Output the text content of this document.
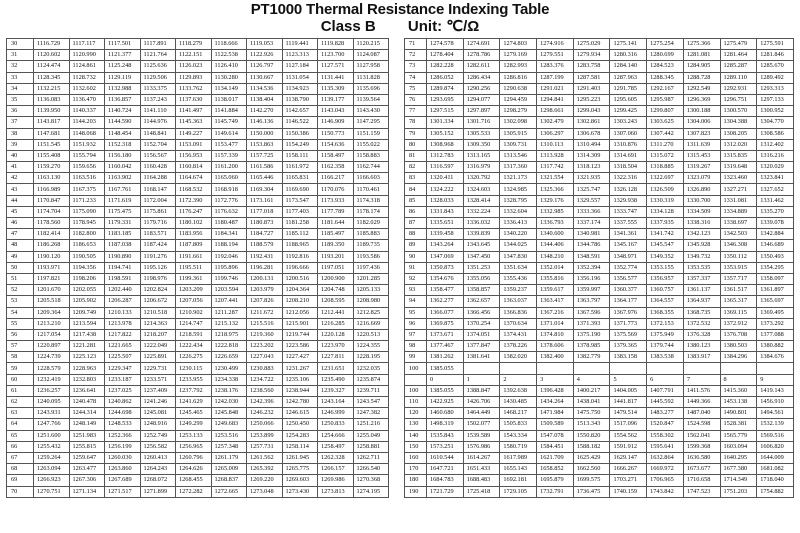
PT1000 Thermal Resistance Indexing Table
Class B Unit: ℃/Ω
30	1116.729	1117.117	1117.501	1117.891	1118.279	1118.666	1119.053	1119.441	1119.828	1120.215
31	1120.602	1120.990	1121.377	1121.764	1122.151	1122.538	1122.926	1123.313	1123.700	1124.087
32	1124.474	1124.861	1125.248	1125.636	1126.023	1126.410	1126.797	1127.184	1127.571	1127.958
33	1128.345	1128.732	1129.119	1129.506	1129.893	1130.280	1130.667	1131.054	1131.441	1131.828
34	1132.215	1132.602	1132.988	1133.375	1133.762	1134.149	1134.536	1134.923	1135.309	1135.696
35	1136.083	1136.470	1136.857	1137.243	1137.630	1138.017	1138.404	1138.790	1139.177	1139.564
36	1139.950	1140.337	1140.724	1141.110	1141.497	1141.884	1142.270	1142.657	1143.043	1143.430
37	1143.817	1144.203	1144.590	1144.976	1145.363	1145.749	1146.136	1146.522	1146.909	1147.295
38	1147.681	1148.068	1148.454	1148.841	1149.227	1149.614	1150.000	1150.386	1150.773	1151.159
39	1151.545	1151.932	1152.318	1152.704	1153.091	1153.477	1153.863	1154.249	1154.636	1155.022
40	1155.408	1155.794	1156.180	1156.567	1156.953	1157.339	1157.725	1158.111	1158.497	1158.883
41	1159.270	1159.656	1160.042	1160.428	1160.814	1161.200	1161.586	1161.972	1162.358	1162.744
42	1163.130	1163.516	1163.902	1164.288	1164.674	1165.060	1165.446	1165.831	1166.217	1166.603
43	1166.989	1167.375	1167.761	1168.147	1168.532	1168.918	1169.304	1169.690	1170.076	1170.461
44	1170.847	1171.233	1171.619	1172.004	1172.390	1172.776	1173.161	1173.547	1173.933	1174.318
45	1174.704	1175.090	1175.475	1175.861	1176.247	1176.632	1177.018	1177.403	1177.789	1178.174
46	1178.560	1178.945	1179.331	1179.716	1180.102	1180.487	1180.873	1181.258	1181.644	1182.029
47	1182.414	1182.800	1183.185	1183.571	1183.956	1184.341	1184.727	1185.112	1185.497	1185.883
48	1186.268	1186.653	1187.038	1187.424	1187.809	1188.194	1188.579	1188.965	1189.350	1189.735
49	1190.120	1190.505	1190.890	1191.276	1191.661	1192.046	1192.431	1192.816	1193.201	1193.586
50	1193.971	1194.356	1194.741	1195.126	1195.511	1195.896	1196.281	1196.666	1197.051	1197.436
51	1197.821	1198.206	1198.591	1198.976	1199.361	1199.746	1200.131	1200.516	1200.900	1201.285
52	1201.670	1202.055	1202.440	1202.824	1203.209	1203.594	1203.979	1204.364	1204.748	1205.133
53	1205.518	1205.902	1206.287	1206.672	1207.056	1207.441	1207.826	1208.210	1208.595	1208.980
54	1209.364	1209.749	1210.133	1210.518	1210.902	1211.287	1211.672	1212.056	1212.441	1212.825
55	1213.210	1213.594	1213.978	1214.363	1214.747	1215.132	1215.516	1215.901	1216.285	1216.669
56	1217.054	1217.438	1217.822	1218.207	1218.591	1218.975	1219.360	1219.744	1220.128	1220.513
57	1220.897	1221.281	1221.665	1222.049	1222.434	1222.818	1223.202	1223.586	1223.970	1224.355
58	1224.739	1225.123	1225.507	1225.891	1226.275	1226.659	1227.043	1227.427	1227.811	1228.195
59	1228.579	1228.963	1229.347	1229.731	1230.115	1230.499	1230.883	1231.267	1231.651	1232.035
60	1232.419	1232.803	1233.187	1233.571	1233.955	1234.338	1234.722	1235.106	1235.490	1235.874
61	1236.257	1236.641	1237.025	1237.409	1237.792	1238.176	1238.560	1238.944	1239.327	1239.711
62	1240.095	1240.478	1240.862	1241.246	1241.629	1242.030	1242.396	1242.780	1243.164	1243.547
63	1243.931	1244.314	1244.698	1245.081	1245.465	1245.848	1246.232	1246.615	1246.999	1247.382
64	1247.766	1248.149	1248.533	1248.916	1249.299	1249.683	1250.066	1250.450	1250.833	1251.216
65	1251.600	1251.983	1252.366	1252.749	1253.133	1253.516	1253.899	1254.283	1254.666	1255.049
66	1255.432	1255.815	1256.199	1256.582	1256.965	1257.348	1257.731	1258.114	1258.497	1258.881
67	1259.264	1259.647	1260.030	1260.413	1260.796	1261.179	1261.562	1261.945	1262.328	1262.711
68	1263.094	1263.477	1263.860	1264.243	1264.626	1265.009	1265.392	1265.775	1266.157	1266.540
69	1266.923	1267.306	1267.689	1268.072	1268.455	1268.837	1269.220	1269.603	1269.986	1270.368
70	1270.751	1271.134	1271.517	1271.899	1272.282	1272.665	1273.048	1273.430	1273.813	1274.195
71	1274.578	1274.691	1274.803	1274.916	1275.029	1275.141	1275.254	1275.366	1275.479	1275.591
72	1278.404	1278.786	1279.169	1279.551	1279.934	1280.316	1280.699	1281.081	1281.464	1281.846
73	1282.228	1282.611	1282.993	1283.376	1283.758	1284.140	1284.523	1284.905	1285.287	1285.670
74	1286.052	1286.434	1286.816	1287.199	1287.581	1287.963	1288.345	1288.728	1289.110	1289.492
75	1289.874	1290.256	1290.638	1291.021	1291.403	1291.785	1292.167	1292.549	1292.931	1293.313
76	1293.695	1294.077	1294.459	1294.841	1295.223	1295.605	1295.987	1296.369	1296.751	1297.133
77	1297.515	1297.897	1298.279	1298.661	1299.043	1299.425	1299.807	1300.188	1300.570	1300.952
78	1301.334	1301.716	1302.098	1302.479	1302.861	1303.243	1303.625	1304.006	1304.388	1304.770
79	1305.152	1305.533	1305.915	1306.297	1306.678	1307.060	1307.442	1307.823	1308.205	1308.586
80	1308.968	1309.350	1309.731	1310.113	1310.494	1310.876	1311.270	1311.639	1312.020	1312.402
81	1312.783	1313.165	1313.546	1313.928	1314.309	1314.691	1315.072	1315.453	1315.835	1316.216
82	1316.597	1316.979	1317.360	1317.742	1318.123	1318.504	1318.885	1319.267	1319.648	1320.029
83	1320.411	1320.792	1321.173	1321.554	1321.935	1322.316	1322.697	1323.079	1323.460	1323.841
84	1324.222	1324.603	1324.985	1325.366	1325.747	1326.128	1326.509	1326.890	1327.271	1327.652
85	1328.033	1328.414	1328.795	1329.176	1329.557	1329.938	1330.319	1330.700	1331.081	1331.462
86	1331.843	1332.224	1332.604	1332.985	1333.366	1333.747	1334.128	1334.509	1334.889	1335.270
87	1335.651	1336.032	1336.413	1336.793	1337.174	1337.555	1337.935	1338.316	1338.697	1339.078
88	1339.458	1339.839	1340.220	1340.600	1340.981	1341.361	1341.742	1342.123	1342.503	1342.884
89	1343.264	1343.645	1344.025	1344.406	1344.786	1345.167	1345.547	1345.928	1346.308	1346.689
90	1347.069	1347.450	1347.830	1348.210	1348.591	1348.971	1349.352	1349.732	1350.112	1350.493
91	1350.873	1351.253	1351.634	1352.014	1352.394	1352.774	1353.155	1353.535	1353.915	1354.295
92	1354.676	1355.056	1355.436	1355.816	1356.196	1356.577	1356.957	1357.337	1357.717	1358.097
93	1358.477	1358.857	1359.237	1359.617	1359.997	1360.377	1360.757	1361.137	1361.517	1361.897
94	1362.277	1362.657	1363.037	1363.417	1363.797	1364.177	1364.557	1364.937	1365.317	1365.697
95	1366.077	1366.456	1366.836	1367.216	1367.596	1367.976	1368.355	1368.735	1369.115	1369.495
96	1369.875	1370.254	1370.634	1371.014	1371.393	1371.773	1372.153	1372.532	1372.912	1373.292
97	1373.671	1374.051	1374.431	1374.810	1375.190	1375.569	1375.949	1376.328	1376.708	1377.088
98	1377.467	1377.847	1378.226	1378.606	1378.985	1379.365	1379.744	1380.123	1380.503	1380.882
99	1381.262	1381.641	1382.020	1382.400	1382.779	1383.158	1383.538	1383.917	1384.296	1384.676
100	1385.055									
	0	1	2	3	4	5	6	7	8	9
100	1385.055	1388.847	1392.638	1396.428	1400.217	1404.005	1407.791	1411.576	1415.360	1419.143
110	1422.925	1426.706	1430.485	1434.264	1438.041	1441.817	1445.592	1449.366	1453.138	1456.910
120	1460.680	1464.449	1468.217	1471.984	1475.750	1479.514	1483.277	1487.040	1490.801	1494.561
130	1498.319	1502.077	1505.833	1509.589	1513.343	1517.096	1520.847	1524.598	1528.381	1532.139
140	1535.843	1539.589	1543.334	1547.078	1550.820	1554.562	1558.302	1562.041	1565.779	1569.516
150	1573.251	1576.986	1580.719	1584.451	1588.182	1591.912	1595.641	1599.368	1603.094	1606.820
160	1610.544	1614.267	1617.989	1621.709	1625.429	1629.147	1632.864	1636.580	1640.295	1644.009
170	1647.721	1651.433	1655.143	1658.852	1662.560	1666.267	1669.972	1673.677	1677.380	1681.082
180	1684.783	1688.483	1692.181	1695.879	1699.575	1703.271	1706.965	1710.658	1714.349	1718.040
190	1721.729	1725.418	1729.105	1732.791	1736.475	1740.159	1743.842	1747.523	1751.203	1754.882
